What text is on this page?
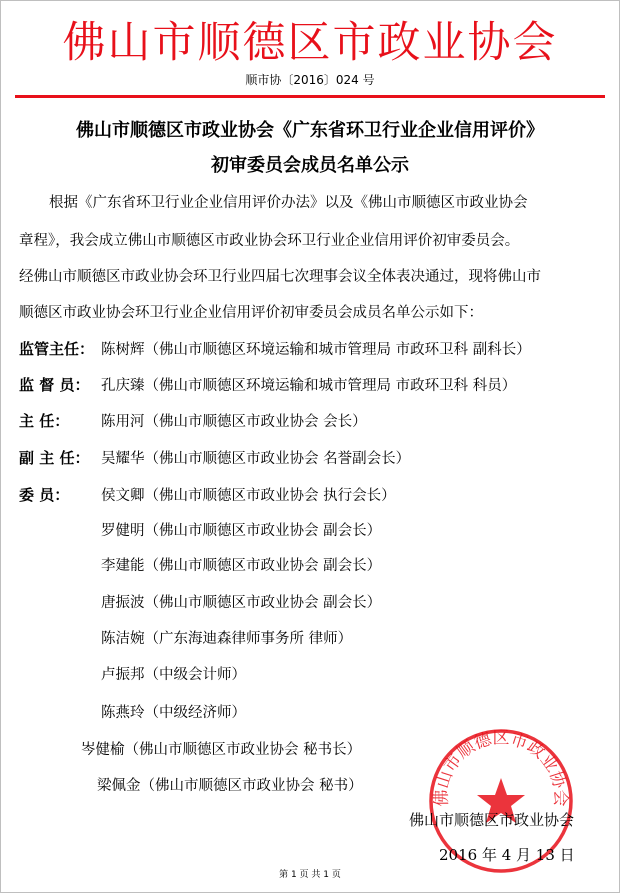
佛山市顺德区市政业协会
顺市协〔2016〕024 号
佛山市顺德区市政业协会《广东省环卫行业企业信用评价》
初审委员会成员名单公示
根据《广东省环卫行业企业信用评价办法》以及《佛山市顺德区市政业协会
章程》，我会成立佛山市顺德区市政业协会环卫行业企业信用评价初审委员会。
经佛山市顺德区市政业协会环卫行业四届七次理事会议全体表决通过，现将佛山市
顺德区市政业协会环卫行业企业信用评价初审委员会成员名单公示如下：
监管主任： 陈树辉（佛山市顺德区环境运输和城市管理局 市政环卫科 副科长）
监 督 员： 孔庆臻（佛山市顺德区环境运输和城市管理局 市政环卫科 科员）
主 任： 陈用河（佛山市顺德区市政业协会 会长）
副 主 任： 吴耀华（佛山市顺德区市政业协会 名誉副会长）
委 员： 侯文卿（佛山市顺德区市政业协会 执行会长）
罗健明（佛山市顺德区市政业协会 副会长）
李建能（佛山市顺德区市政业协会 副会长）
唐振波（佛山市顺德区市政业协会 副会长）
陈洁婉（广东海迪森律师事务所 律师）
卢振邦（中级会计师）
陈燕玲（中级经济师）
岑健榆（佛山市顺德区市政业协会 秘书长）
梁佩金（佛山市顺德区市政业协会 秘书）
佛山市顺德区市政业协会
佛山市顺德区市政业协会
2016 年 4 月 13 日
第 1 页 共 1 页
